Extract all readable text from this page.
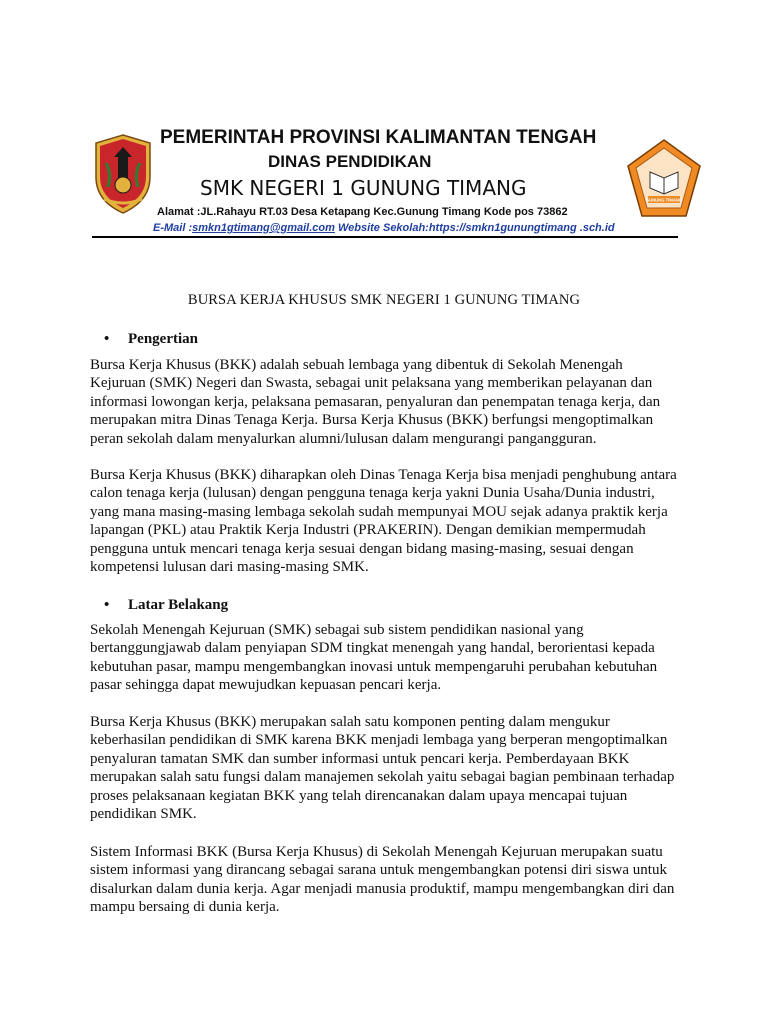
PEMERINTAH PROVINSI KALIMANTAN TENGAH
DINAS PENDIDIKAN
SMK NEGERI 1 GUNUNG TIMANG
Alamat :JL.Rahayu RT.03 Desa Ketapang Kec.Gunung Timang Kode pos 73862
E-Mail :smkn1gtimang@gmail.com Website Sekolah:https://smkn1gunungtimang .sch.id
GUNUNG TIMANG
BURSA KERJA KHUSUS SMK NEGERI 1 GUNUNG TIMANG
• Pengertian

Bursa Kerja Khusus (BKK) adalah sebuah lembaga yang dibentuk di Sekolah Menengah Kejuruan (SMK) Negeri dan Swasta, sebagai unit pelaksana yang memberikan pelayanan dan informasi lowongan kerja, pelaksana pemasaran, penyaluran dan penempatan tenaga kerja, dan merupakan mitra Dinas Tenaga Kerja. Bursa Kerja Khusus (BKK) berfungsi mengoptimalkan peran sekolah dalam menyalurkan alumni/lulusan dalam mengurangi pangangguran.

Bursa Kerja Khusus (BKK) diharapkan oleh Dinas Tenaga Kerja bisa menjadi penghubung antara calon tenaga kerja (lulusan) dengan pengguna tenaga kerja yakni Dunia Usaha/Dunia industri, yang mana masing-masing lembaga sekolah sudah mempunyai MOU sejak adanya praktik kerja lapangan (PKL) atau Praktik Kerja Industri (PRAKERIN). Dengan demikian mempermudah pengguna untuk mencari tenaga kerja sesuai dengan bidang masing-masing, sesuai dengan kompetensi lulusan dari masing-masing SMK.

• Latar Belakang

Sekolah Menengah Kejuruan (SMK) sebagai sub sistem pendidikan nasional yang bertanggungjawab dalam penyiapan SDM tingkat menengah yang handal, berorientasi kepada kebutuhan pasar, mampu mengembangkan inovasi untuk mempengaruhi perubahan kebutuhan pasar sehingga dapat mewujudkan kepuasan pencari kerja.

Bursa Kerja Khusus (BKK) merupakan salah satu komponen penting dalam mengukur keberhasilan pendidikan di SMK karena BKK menjadi lembaga yang berperan mengoptimalkan penyaluran tamatan SMK dan sumber informasi untuk pencari kerja. Pemberdayaan BKK merupakan salah satu fungsi dalam manajemen sekolah yaitu sebagai bagian pembinaan terhadap proses pelaksanaan kegiatan BKK yang telah direncanakan dalam upaya mencapai tujuan pendidikan SMK.

Sistem Informasi BKK (Bursa Kerja Khusus) di Sekolah Menengah Kejuruan merupakan suatu sistem informasi yang dirancang sebagai sarana untuk mengembangkan potensi diri siswa untuk disalurkan dalam dunia kerja. Agar menjadi manusia produktif, mampu mengembangkan diri dan mampu bersaing di dunia kerja.
